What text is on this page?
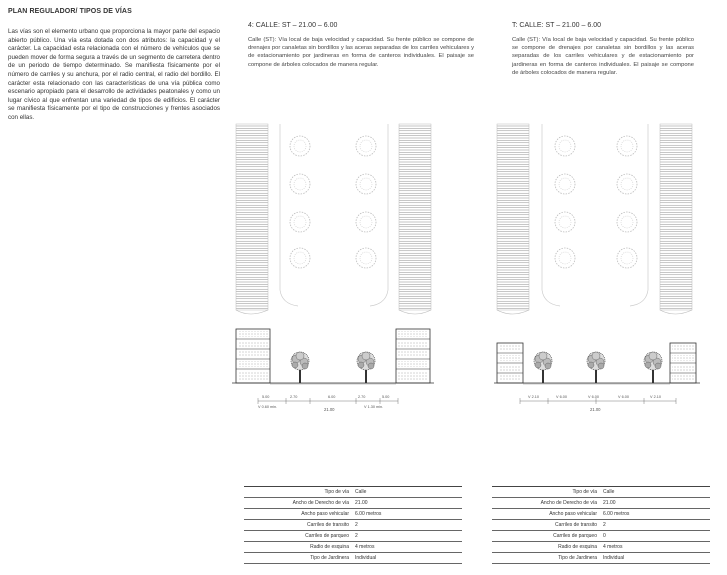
PLAN REGULADOR/ TIPOS DE VÍAS
Las vías son el elemento urbano que proporciona la mayor parte del espacio abierto público. Una vía esta dotada con dos atributos: la capacidad y el carácter. La capacidad esta relacionada con el número de vehículos que se pueden mover de forma segura a través de un segmento de carretera dentro de un periodo de tiempo determinado. Se manifiesta físicamente por el número de carriles y su anchura, por el radio central, el radio del bordillo. El carácter esta relacionado con las características de una vía pública como escenario apropiado para el desarrollo de actividades peatonales y como un lugar cívico al que enfrentan una variedad de tipos de edificios. El carácter se manifiesta físicamente por el tipo de construcciones y frentes asociados con ellas.
4: CALLE: ST – 21.00 – 6.00
Calle (ST): Vía local de baja velocidad y capacidad. Su frente público se compone de drenajes por canaletas sin bordillos y las aceras separadas de los carriles vehiculares y de estacionamiento por jardineras en forma de canteros individuales. El paisaje se compone de árboles colocados de manera regular.
T: CALLE: ST – 21.00 – 6.00
Calle (ST): Vía local de baja velocidad y capacidad. Su frente público se compone de drenajes por canaletas sin bordillos y las aceras separadas de los carriles vehiculares y de estacionamiento por jardineras en forma de canteros individuales. El paisaje se compone de árboles colocados de manera regular.
5.00	2.70	6.00	2.70	5.00
V 0.60 min.	V 1.30 min.
21.00
V 2.10	V 6.00	V 6.00	V 6.00	V 2.10
21.00
Tipo de vía	Calle
Ancho de Derecho de vía	21.00
Ancho paso vehicular	6.00 metros
Carriles de transito	2
Carriles de parqueo	2
Radio de esquina	4 metros
Tipo de Jardinera	Individual
Tipo de vía	Calle
Ancho de Derecho de vía	21.00
Ancho paso vehicular	6.00 metros
Carriles de transito	2
Carriles de parqueo	0
Radio de esquina	4 metros
Tipo de Jardinera	Individual
